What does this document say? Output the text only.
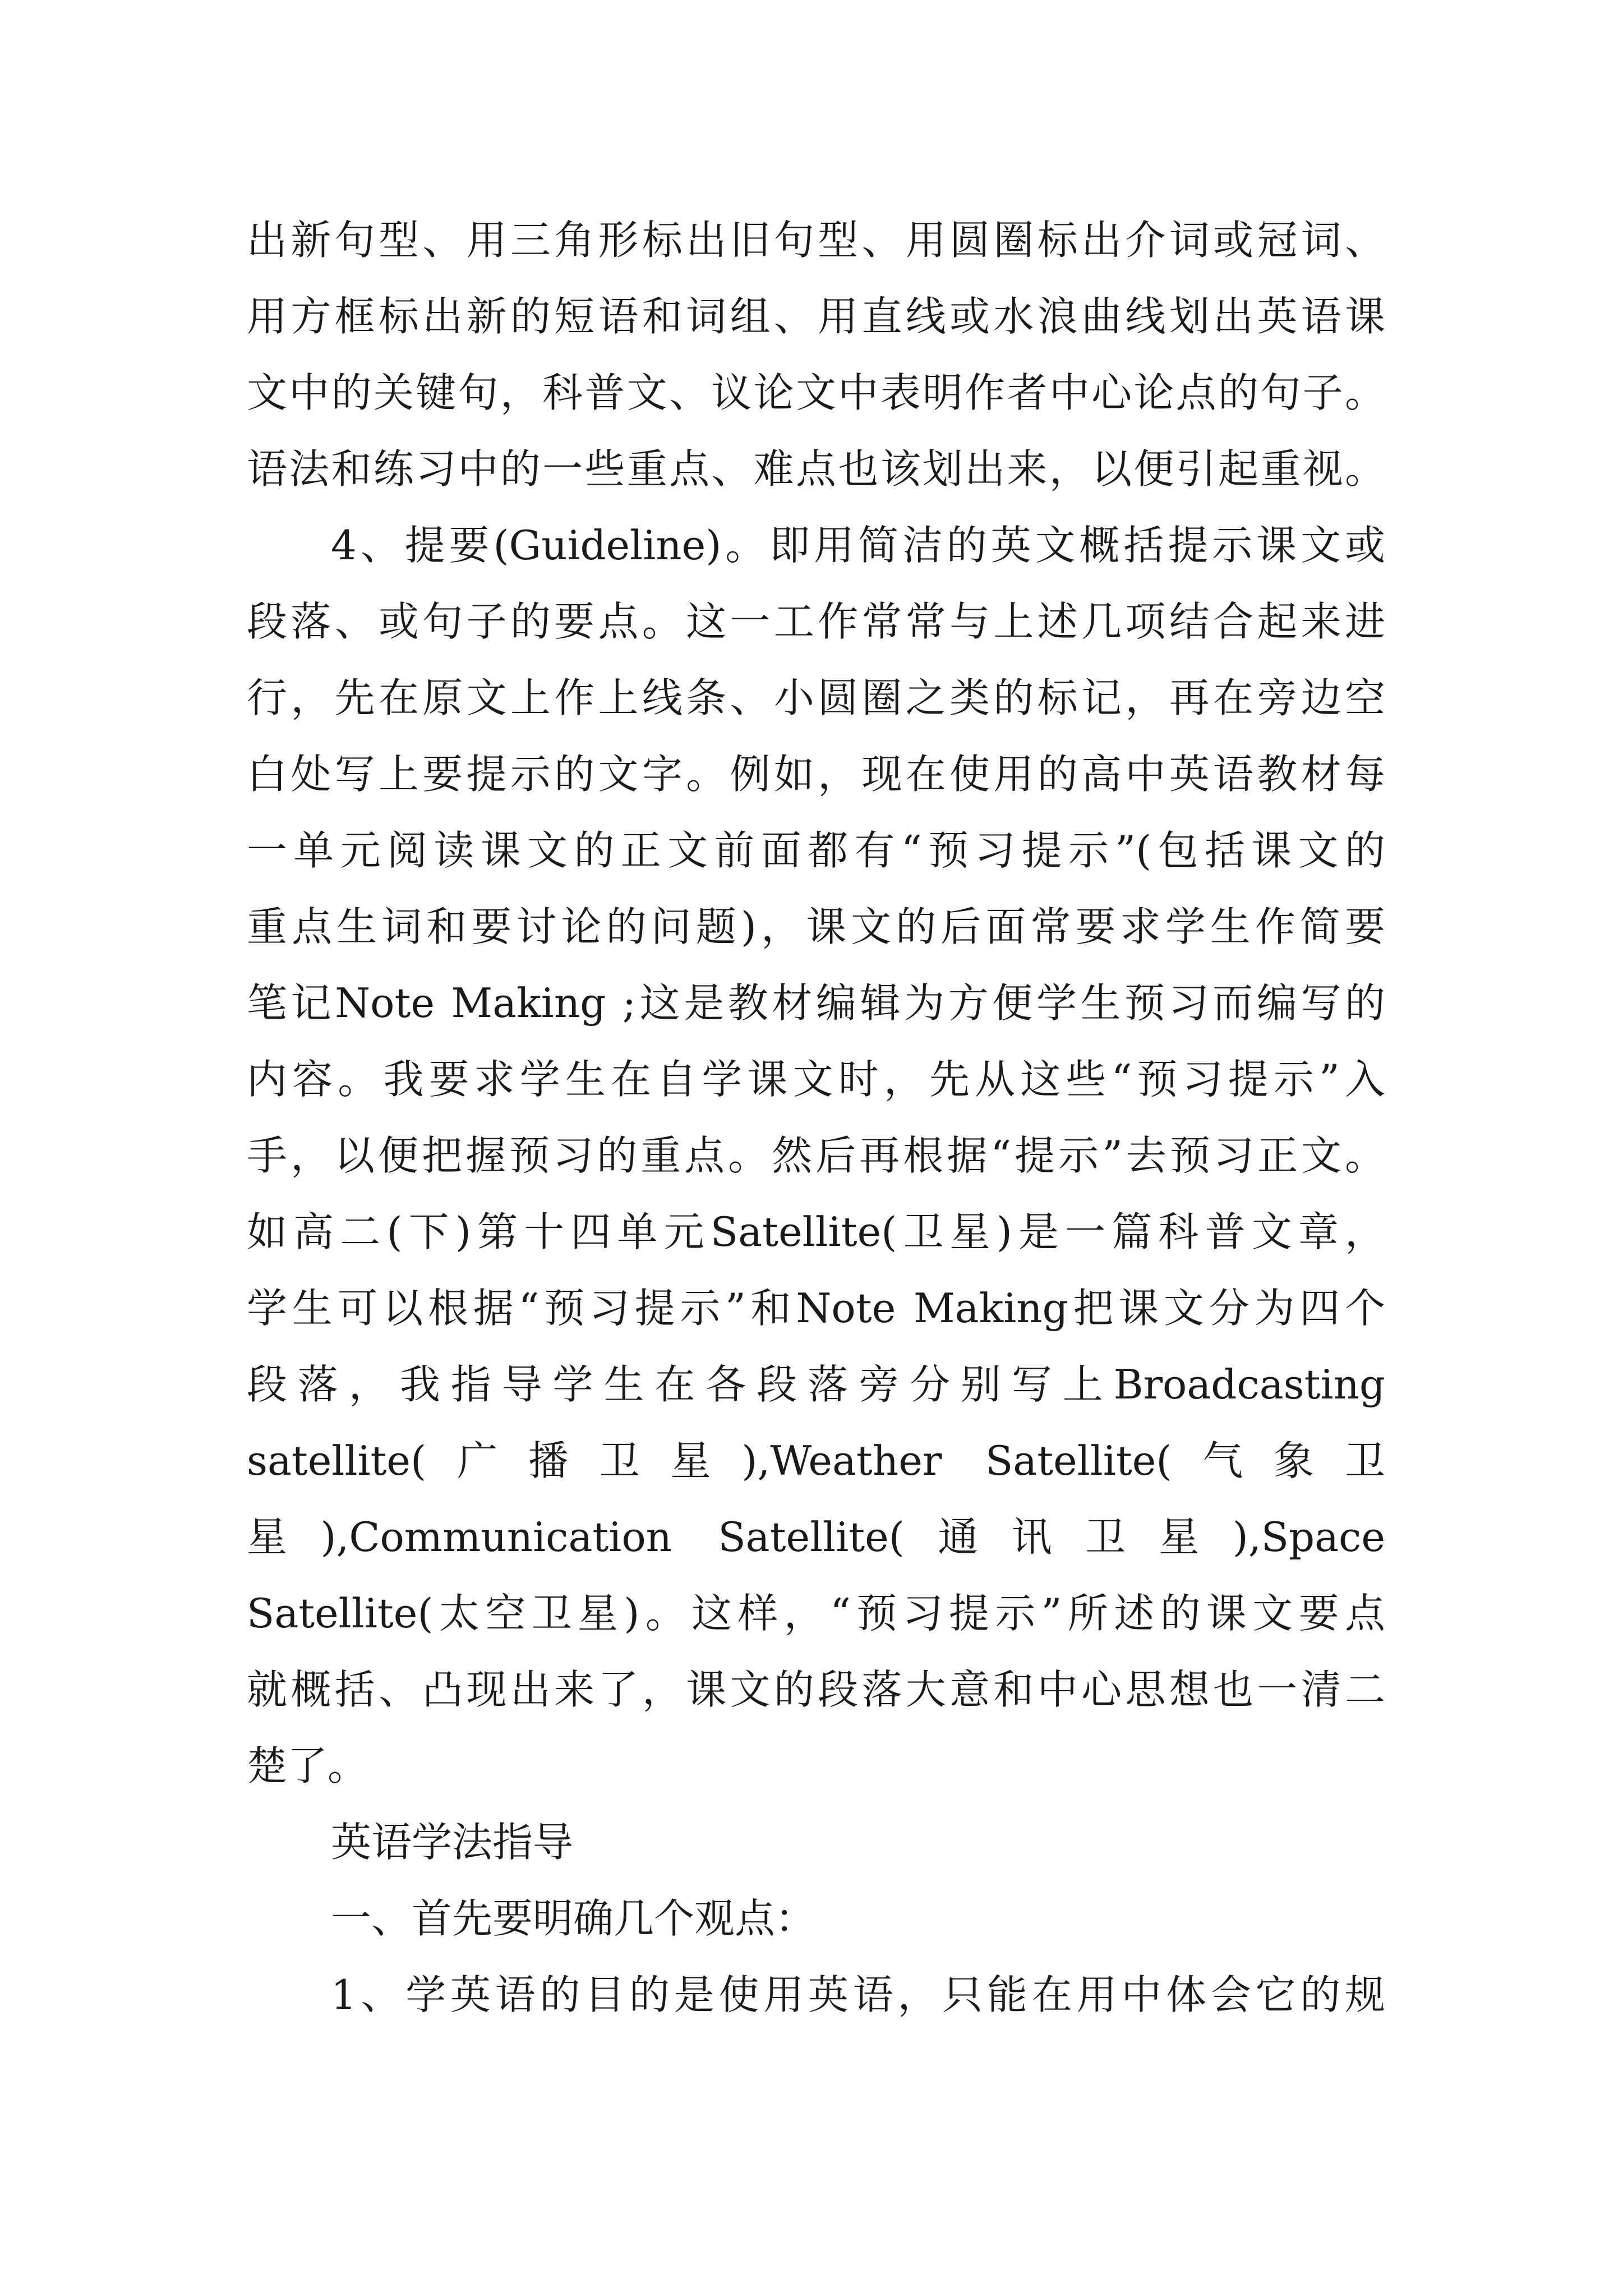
出新句型、用三角形标出旧句型、用圆圈标出介词或冠词、
用方框标出新的短语和词组、用直线或水浪曲线划出英语课
文中的关键句，科普文、议论文中表明作者中心论点的句子。
语法和练习中的一些重点、难点也该划出来，以便引起重视。
4、提要(Guideline)。即用简洁的英文概括提示课文或
段落、或句子的要点。这一工作常常与上述几项结合起来进
行，先在原文上作上线条、小圆圈之类的标记，再在旁边空
白处写上要提示的文字。例如，现在使用的高中英语教材每
一单元阅读课文的正文前面都有“预习提示”(包括课文的
重点生词和要讨论的问题)，课文的后面常要求学生作简要
笔记Note Making ;这是教材编辑为方便学生预习而编写的
内容。我要求学生在自学课文时，先从这些“预习提示”入
手，以便把握预习的重点。然后再根据“提示”去预习正文。
如高二(下)第十四单元Satellite(卫星)是一篇科普文章，
学生可以根据“预习提示”和Note Making把课文分为四个
段落，我指导学生在各段落旁分别写上Broadcasting
satellite(广播卫星),Weather Satellite(气象卫
星),Communication Satellite(通讯卫星),Space
Satellite(太空卫星)。这样，“预习提示”所述的课文要点
就概括、凸现出来了，课文的段落大意和中心思想也一清二
楚了。
英语学法指导
一、首先要明确几个观点：
1、学英语的目的是使用英语，只能在用中体会它的规
